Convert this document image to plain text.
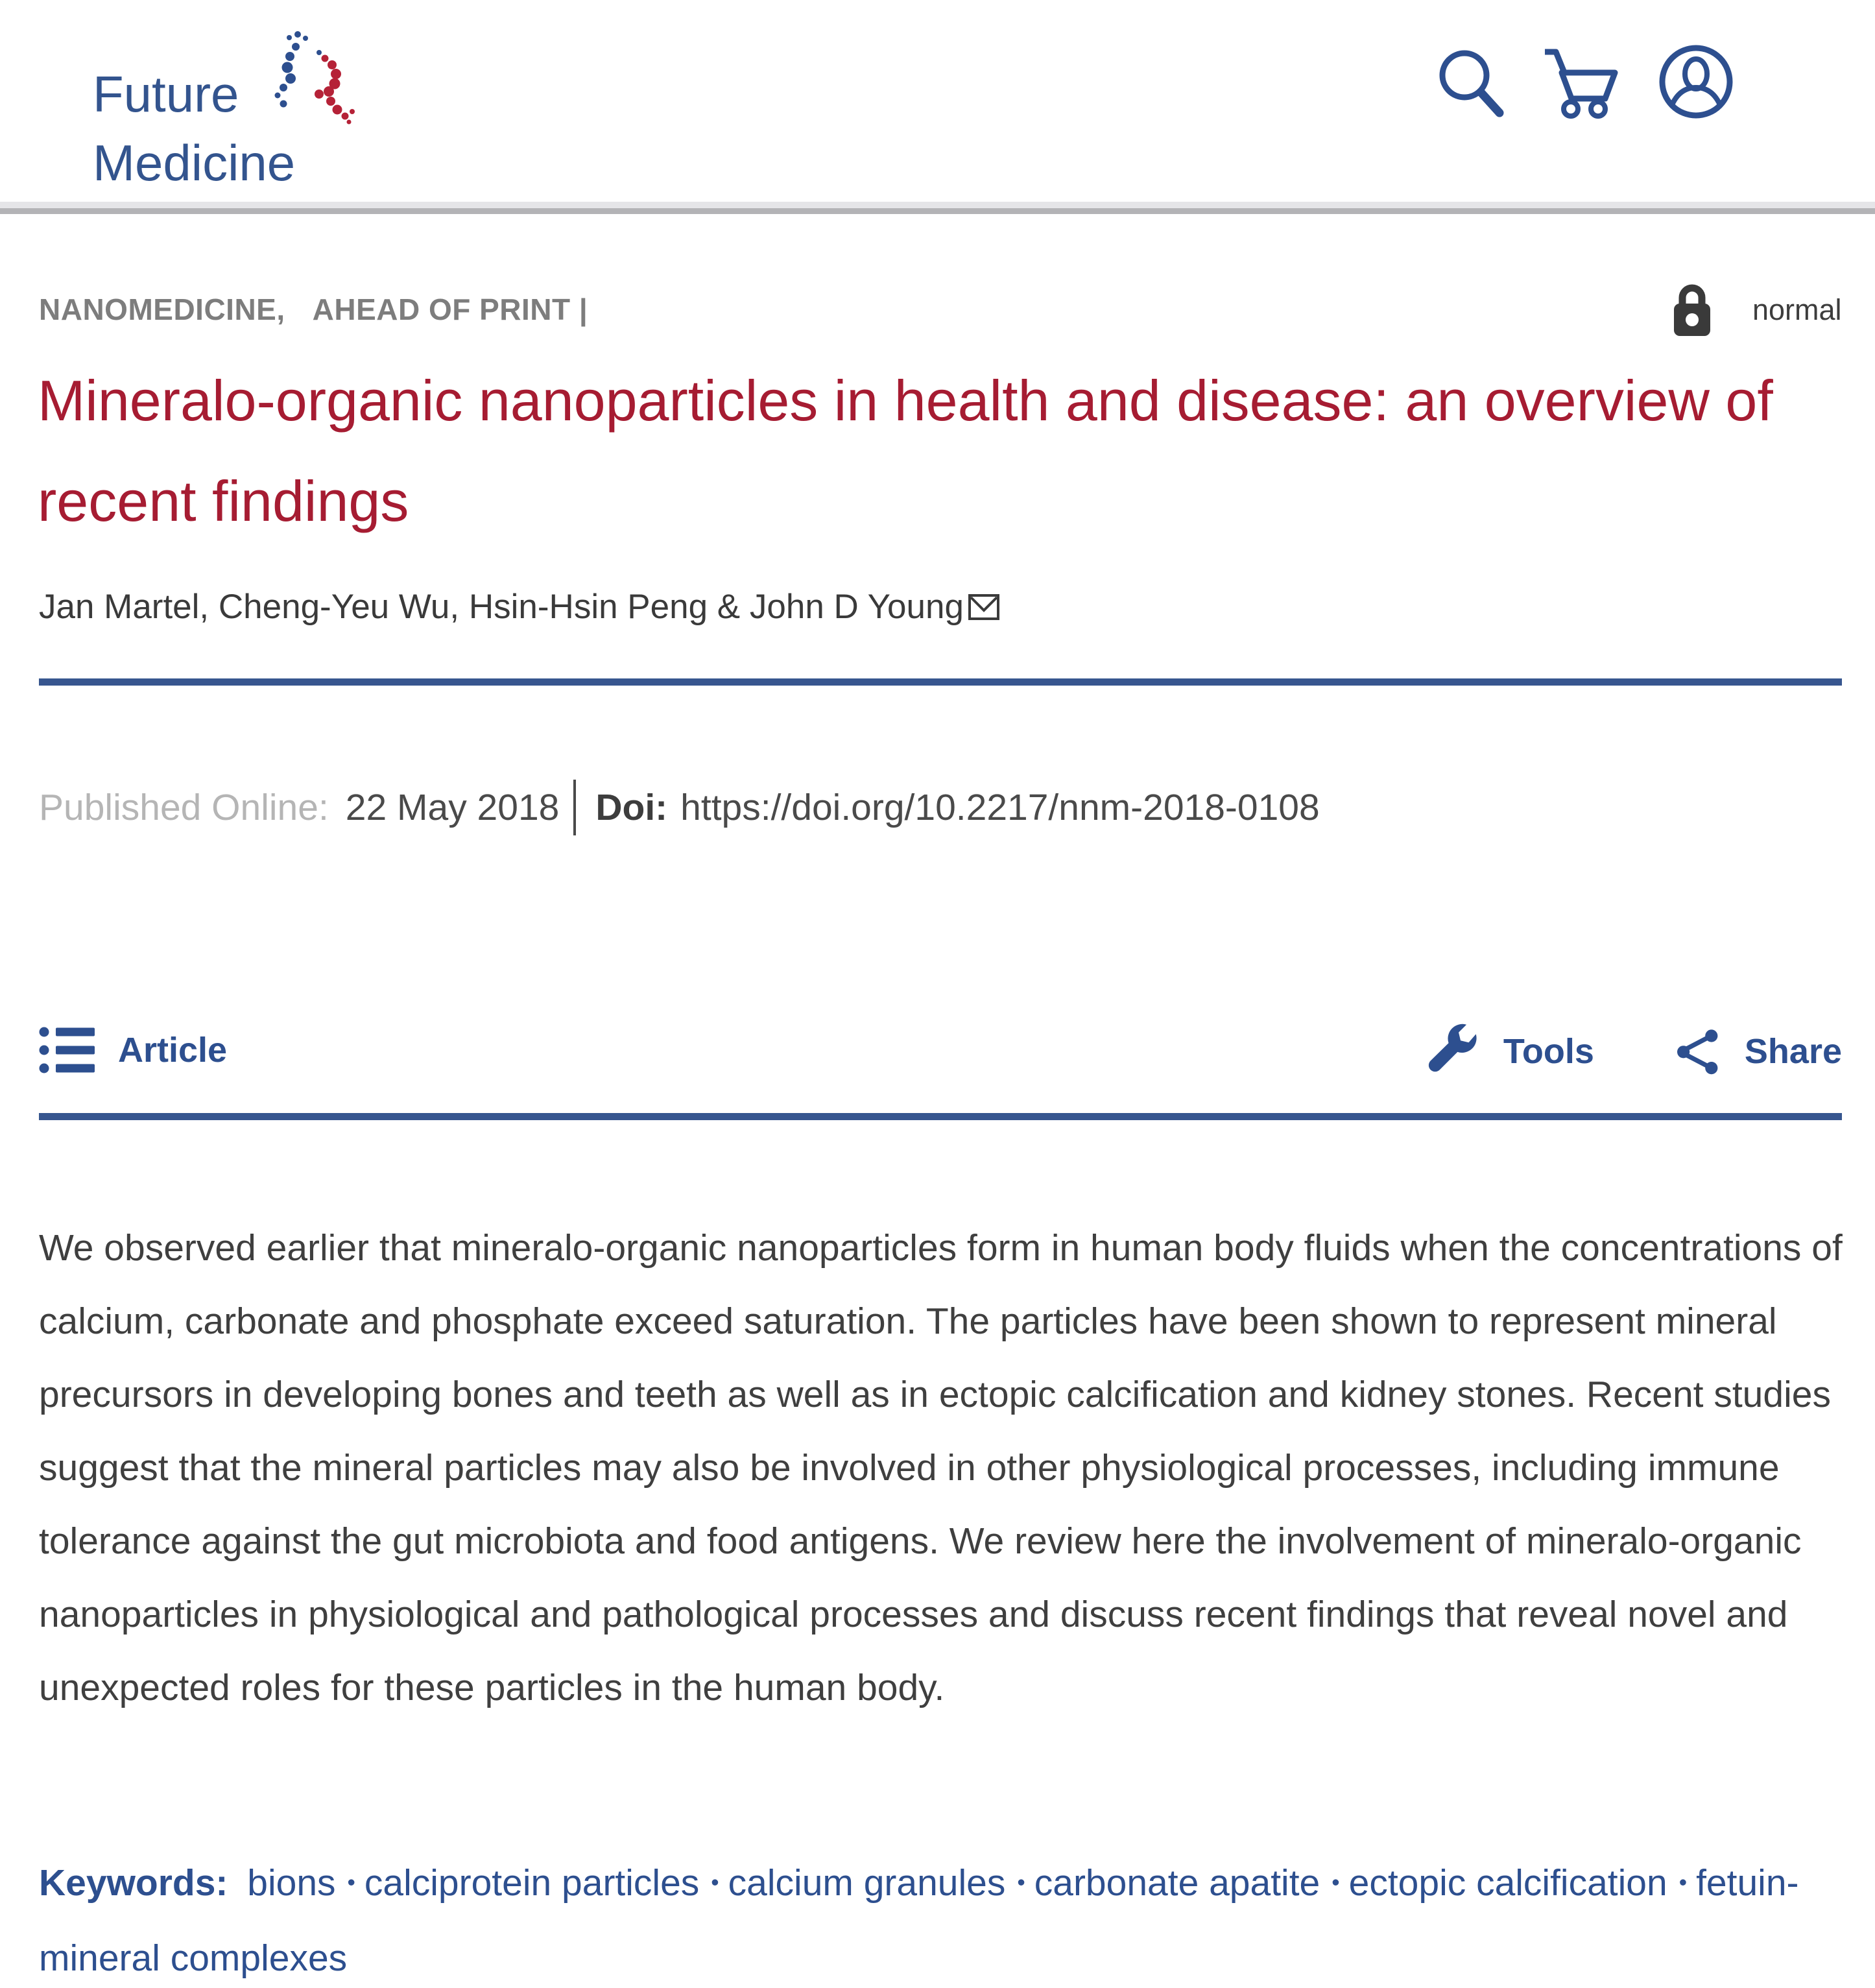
Future
Medicine
NANOMEDICINE, AHEAD OF PRINT |	normal
Mineralo-organic nanoparticles in health and disease: an overview of recent findings
Jan Martel, Cheng-Yeu Wu, Hsin-Hsin Peng & John D Young
Published Online: 22 May 2018 Doi: https://doi.org/10.2217/nnm-2018-0108
Article	Tools	Share

We observed earlier that mineralo-organic nanoparticles form in human body fluids when the concentrations of calcium, carbonate and phosphate exceed saturation. The particles have been shown to represent mineral precursors in developing bones and teeth as well as in ectopic calcification and kidney stones. Recent studies suggest that the mineral particles may also be involved in other physiological processes, including immune tolerance against the gut microbiota and food antigens. We review here the involvement of mineralo-organic nanoparticles in physiological and pathological processes and discuss recent findings that reveal novel and unexpected roles for these particles in the human body.

Keywords: bions • calciprotein particles • calcium granules • carbonate apatite • ectopic calcification • fetuin-mineral complexes
